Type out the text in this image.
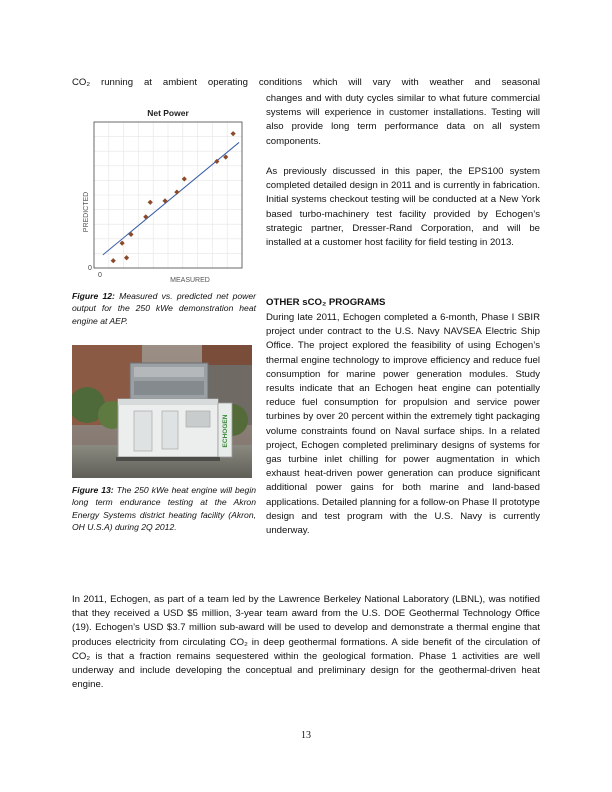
CO₂ running at ambient operating conditions which will vary with weather and seasonal
changes and with duty cycles similar to what future commercial systems will experience in customer installations. Testing will also provide long term performance data on all system components.
As previously discussed in this paper, the EPS100 system completed detailed design in 2011 and is currently in fabrication. Initial systems checkout testing will be conducted at a New York based turbo-machinery test facility provided by Echogen’s strategic partner, Dresser-Rand Corporation, and will be installed at a customer host facility for field testing in 2013.
OTHER sCO₂ PROGRAMS
During late 2011, Echogen completed a 6-month, Phase I SBIR project under contract to the U.S. Navy NAVSEA Electric Ship Office. The project explored the feasibility of using Echogen’s thermal engine technology to improve efficiency and reduce fuel consumption for marine power generation modules. Study results indicate that an Echogen heat engine can potentially reduce fuel consumption for propulsion and service power turbines by over 20 percent within the extremely tight packaging volume constraints found on Naval surface ships. In a related project, Echogen completed preliminary designs of systems for gas turbine inlet chilling for power augmentation in which exhaust heat-driven power generation can produce significant additional power gains for both marine and land-based applications. Detailed planning for a follow-on Phase II prototype design and test program with the U.S. Navy is currently underway.
Net Power
MEASURED
PREDICTED
0
0
Figure 12: Measured vs. predicted net power output for the 250 kWe demonstration heat engine at AEP.
ECHOGEN
Figure 13: The 250 kWe heat engine will begin long term endurance testing at the Akron Energy Systems district heating facility (Akron, OH U.S.A) during 2Q 2012.
In 2011, Echogen, as part of a team led by the Lawrence Berkeley National Laboratory (LBNL), was notified that they received a USD $5 million, 3-year team award from the U.S. DOE Geothermal Technology Office (19). Echogen’s USD $3.7 million sub-award will be used to develop and demonstrate a thermal engine that produces electricity from circulating CO₂ in deep geothermal formations. A side benefit of the circulation of CO₂ is that a fraction remains sequestered within the geological formation. Phase 1 activities are well underway and include developing the conceptual and preliminary design for the geothermal-driven heat engine.
13
